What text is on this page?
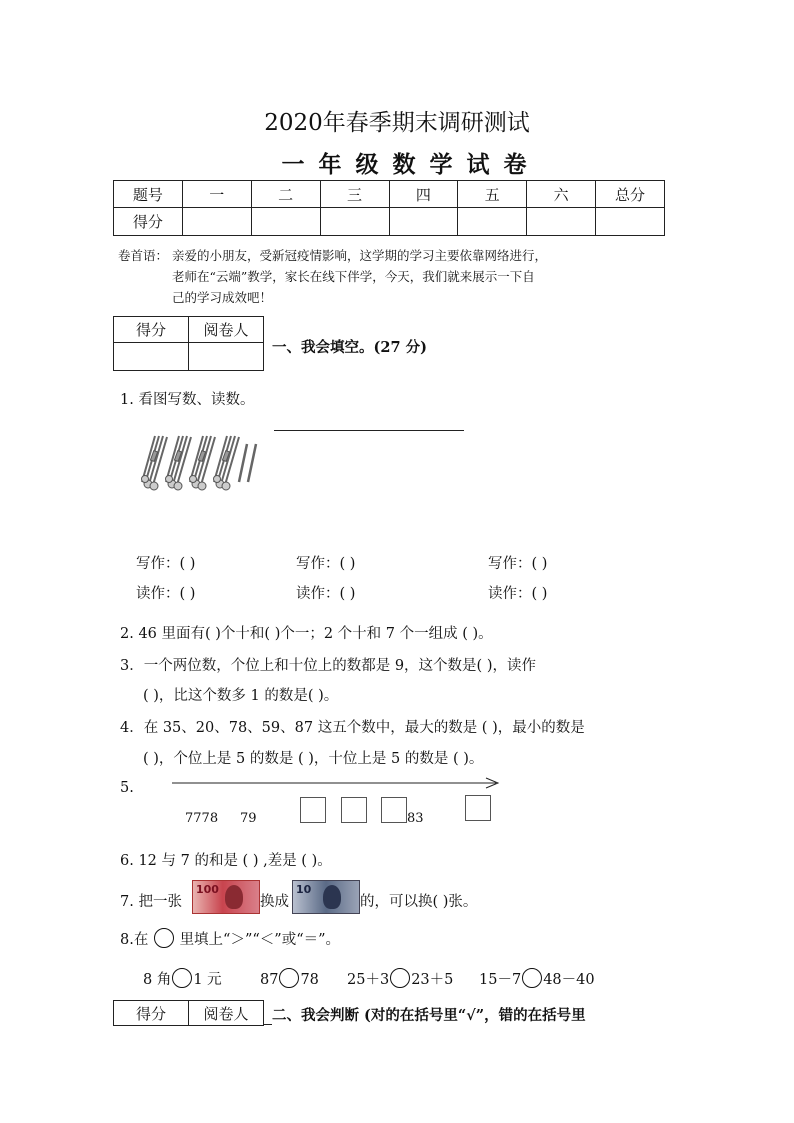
2020年春季期末调研测试
一年级数学试卷
题号	一	二	三	四	五	六	总分
得分							
卷首语： 亲爱的小朋友，受新冠疫情影响，这学期的学习主要依靠网络进行，
老师在“云端”教学，家长在线下伴学，今天，我们就来展示一下自
己的学习成效吧！
得分	阅卷人

一、我会填空。(27 分)
1. 看图写数、读数。
写作：( )	写作：( )	写作：( )
读作：( )	读作：( )	读作：( )
2. 46 里面有( )个十和( )个一；2 个十和 7 个一组成 ( )。
3．一个两位数，个位上和十位上的数都是 9，这个数是( )，读作
( )，比这个数多 1 的数是( )。
4．在 35、20、78、59、87 这五个数中，最大的数是 ( )，最小的数是
( )，个位上是 5 的数是 ( )，十位上是 5 的数是 ( )。
5.
7778 79	83
6. 12 与 7 的和是 ( ) ,差是 ( )。
7. 把一张
100
换成
10
的，可以换( )张。
8.在 里填上“＞”“＜”或“＝”。
8 角 1 元	87 78 25＋3 23＋5 15－7 48－40
得分	阅卷人 二、我会判断 (对的在括号里“√”，错的在括号里
